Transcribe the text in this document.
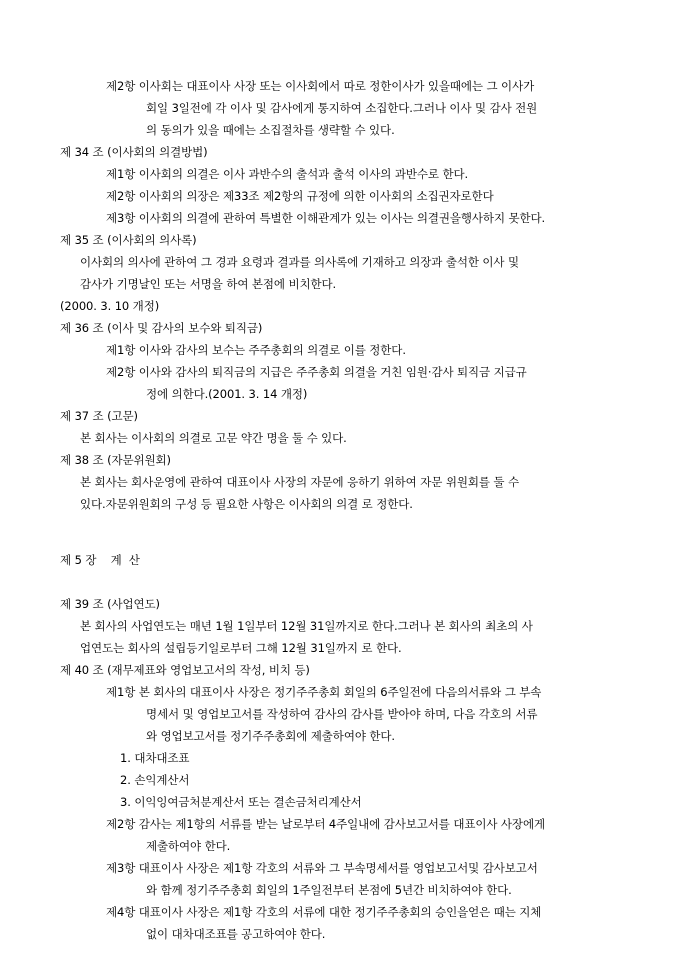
제2항 이사회는 대표이사 사장 또는 이사회에서 따로 정한이사가 있을때에는 그 이사가
회일 3일전에 각 이사 및 감사에게 통지하여 소집한다.그러나 이사 및 감사 전원
의 동의가 있을 때에는 소집절차를 생략할 수 있다.
제 34 조 (이사회의 의결방법)
제1항 이사회의 의결은 이사 과반수의 출석과 출석 이사의 과반수로 한다.
제2항 이사회의 의장은 제33조 제2항의 규정에 의한 이사회의 소집권자로한다
제3항 이사회의 의결에 관하여 특별한 이해관계가 있는 이사는 의결권을행사하지 못한다.
제 35 조 (이사회의 의사록)
이사회의 의사에 관하여 그 경과 요령과 결과를 의사록에 기재하고 의장과 출석한 이사 및
감사가 기명날인 또는 서명을 하여 본점에 비치한다.
(2000. 3. 10 개정)
제 36 조 (이사 및 감사의 보수와 퇴직금)
제1항 이사와 감사의 보수는 주주총회의 의결로 이를 정한다.
제2항 이사와 감사의 퇴직금의 지급은 주주총회 의결을 거친 임원·감사 퇴직금 지급규
정에 의한다.(2001. 3. 14 개정)
제 37 조 (고문)
본 회사는 이사회의 의결로 고문 약간 명을 둘 수 있다.
제 38 조 (자문위원회)
본 회사는 회사운영에 관하여 대표이사 사장의 자문에 응하기 위하여 자문 위원회를 둘 수
있다.자문위원회의 구성 등 필요한 사항은 이사회의 의결 로 정한다.
제 5 장    계  산
제 39 조 (사업연도)
본 회사의 사업연도는 매년 1월 1일부터 12월 31일까지로 한다.그러나 본 회사의 최초의 사
업연도는 회사의 설립등기일로부터 그해 12월 31일까지 로 한다.
제 40 조 (재무제표와 영업보고서의 작성, 비치 등)
제1항 본 회사의 대표이사 사장은 정기주주총회 회일의 6주일전에 다음의서류와 그 부속
명세서 및 영업보고서를 작성하여 감사의 감사를 받아야 하며, 다음 각호의 서류
와 영업보고서를 정기주주총회에 제출하여야 한다.
1. 대차대조표
2. 손익계산서
3. 이익잉여금처분계산서 또는 결손금처리계산서
제2항 감사는 제1항의 서류를 받는 날로부터 4주일내에 감사보고서를 대표이사 사장에게
제출하여야 한다.
제3항 대표이사 사장은 제1항 각호의 서류와 그 부속명세서를 영업보고서및 감사보고서
와 함께 정기주주총회 회일의 1주일전부터 본점에 5년간 비치하여야 한다.
제4항 대표이사 사장은 제1항 각호의 서류에 대한 정기주주총회의 승인을얻은 때는 지체
없이 대차대조표를 공고하여야 한다.
